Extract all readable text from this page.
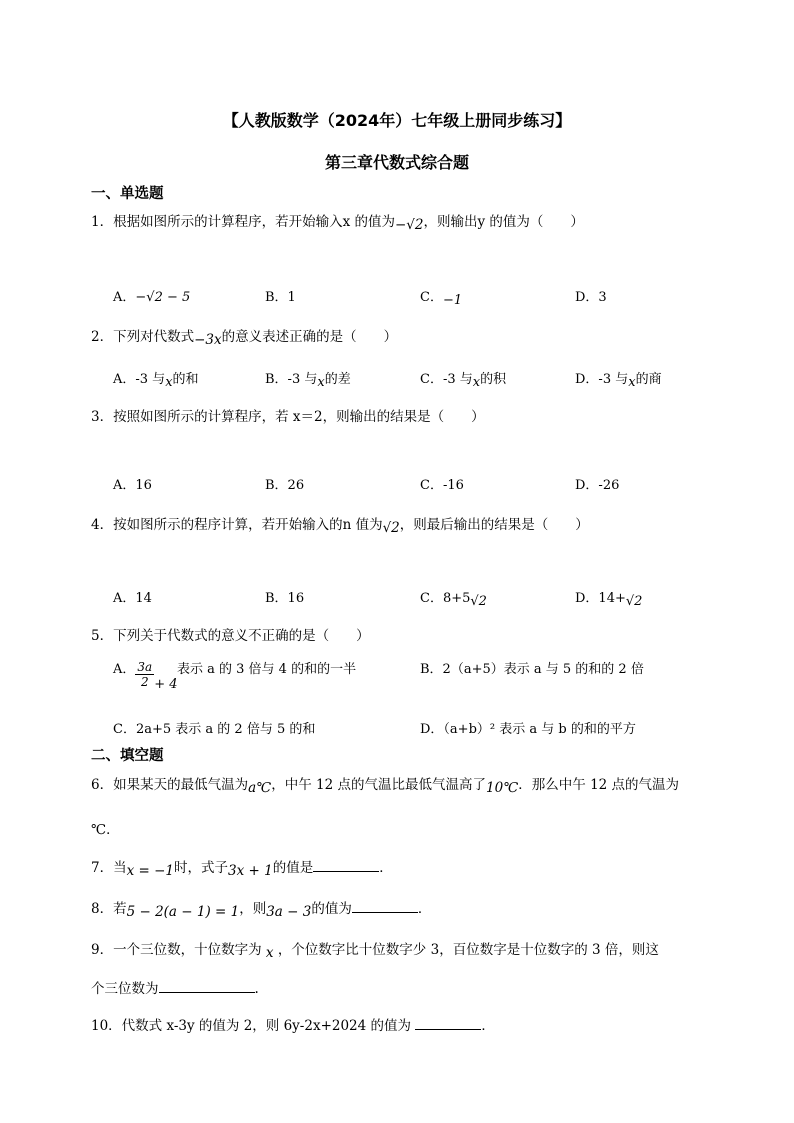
【人教版数学（2024年）七年级上册同步练习】
第三章代数式综合题
一、单选题
1．根据如图所示的计算程序，若开始输入x 的值为−√2，则输出y 的值为（　　）
A．−√2 − 5	B．1	C．−1	D．3
2．下列对代数式−3x的意义表述正确的是（　　）
A．-3 与x的和	B．-3 与x的差	C．-3 与x的积	D．-3 与x的商
3．按照如图所示的计算程序，若 x＝2，则输出的结果是（　　）
A．16	B．26	C．-16	D．-26
4．按如图所示的程序计算，若开始输入的n 值为√2，则最后输出的结果是（　　）
A．14	B．16	C．8+5√2	D．14+√2
5．下列关于代数式的意义不正确的是（　　）
A． $\frac{3a}{2} + 4$
表示 a 的 3 倍与 4 的和的一半	B．2（a+5）表示 a 与 5 的和的 2 倍
C．2a+5 表示 a 的 2 倍与 5 的和	D．（a+b）² 表示 a 与 b 的和的平方
二、填空题
6．如果某天的最低气温为a℃，中午 12 点的气温比最低气温高了10℃．那么中午 12 点的气温为
℃．
7．当x = −1时，式子3x + 1的值是	．
8．若5 − 2(a − 1) = 1，则3a − 3的值为	．
9．一个三位数，十位数字为 x ，个位数字比十位数字少 3，百位数字是十位数字的 3 倍，则这
个三位数为	.
10．代数式 x-3y 的值为 2，则 6y-2x+2024 的值为	．
